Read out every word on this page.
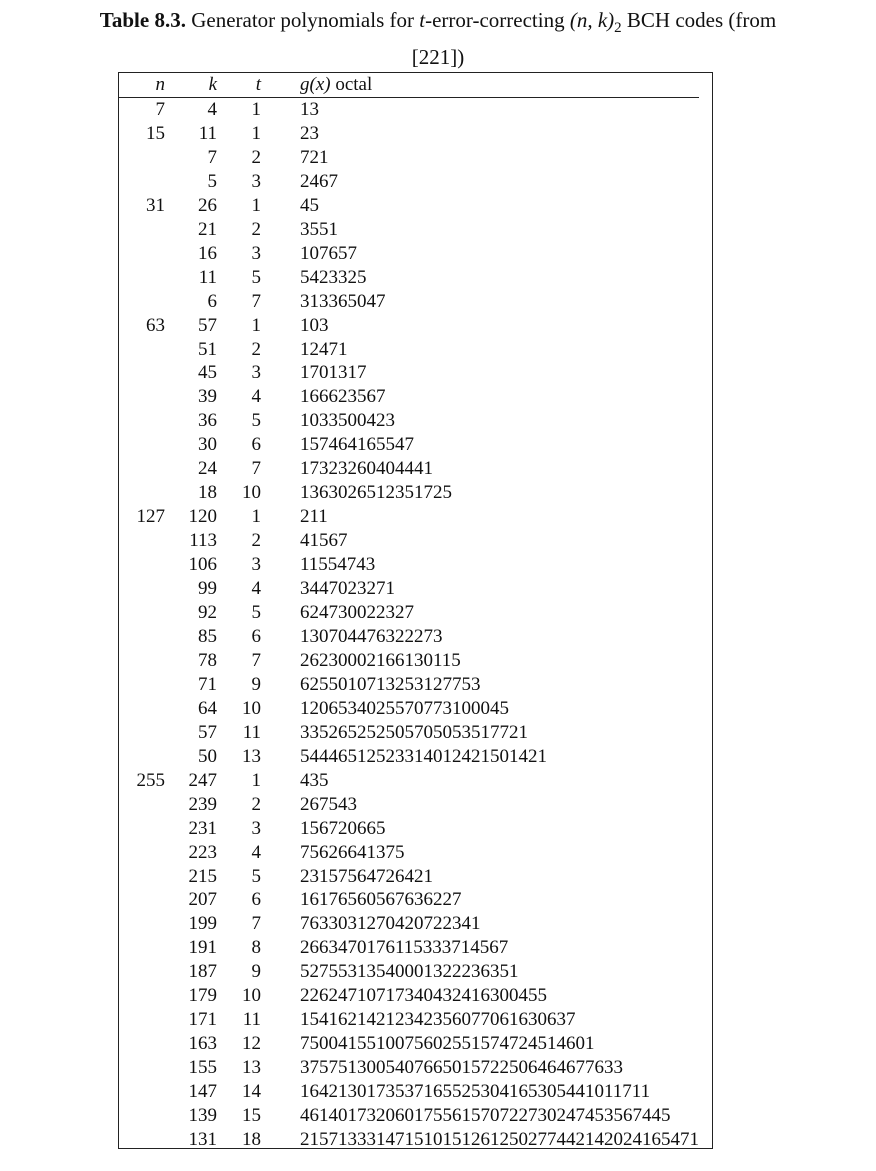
Table 8.3. Generator polynomials for t-error-correcting (n, $k)_2$ BCH codes (from
[221])
n	k	t	g(x) octal
7	4	1	13
15	11	1	23
	7	2	721
	5	3	2467
31	26	1	45
	21	2	3551
	16	3	107657
	11	5	5423325
	6	7	313365047
63	57	1	103
	51	2	12471
	45	3	1701317
	39	4	166623567
	36	5	1033500423
	30	6	157464165547
	24	7	17323260404441
	18	10	1363026512351725
127	120	1	211
	113	2	41567
	106	3	11554743
	99	4	3447023271
	92	5	624730022327
	85	6	130704476322273
	78	7	26230002166130115
	71	9	6255010713253127753
	64	10	1206534025570773100045
	57	11	335265252505705053517721
	50	13	54446512523314012421501421
255	247	1	435
	239	2	267543
	231	3	156720665
	223	4	75626641375
	215	5	23157564726421
	207	6	16176560567636227
	199	7	7633031270420722341
	191	8	2663470176115333714567
	187	9	52755313540001322236351
	179	10	22624710717340432416300455
	171	11	15416214212342356077061630637
	163	12	7500415510075602551574724514601
	155	13	3757513005407665015722506464677633
	147	14	1642130173537165525304165305441011711
	139	15	461401732060175561570722730247453567445
	131	18	215713331471510151261250277442142024165471
